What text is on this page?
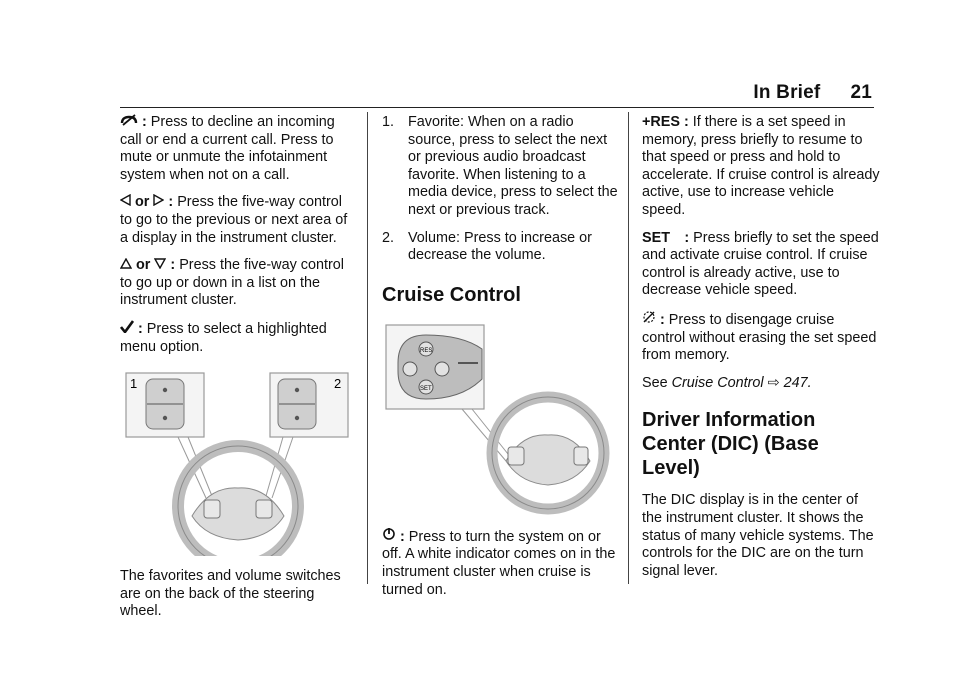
In Brief 21

: Press to decline an incoming call or end a current call. Press to mute or unmute the infotainment system when not on a call.

or : Press the five-way control to go to the previous or next area of a display in the instrument cluster.

or : Press the five-way control to go up or down in a list on the instrument cluster.

: Press to select a highlighted menu option.

1	2

The favorites and volume switches are on the back of the steering wheel.

1. Favorite: When on a radio source, press to select the next or previous audio broadcast favorite. When listening to a media device, press to select the next or previous track.
2. Volume: Press to increase or decrease the volume.
Cruise Control
RES
SET

: Press to turn the system on or off. A white indicator comes on in the instrument cluster when cruise is turned on.

+RES : If there is a set speed in memory, press briefly to resume to that speed or press and hold to accelerate. If cruise control is already active, use to increase vehicle speed.

SET : Press briefly to set the speed and activate cruise control. If cruise control is already active, use to decrease vehicle speed.

: Press to disengage cruise control without erasing the set speed from memory.

See Cruise Control ⇨ 247.

Driver Information Center (DIC) (Base Level)

The DIC display is in the center of the instrument cluster. It shows the status of many vehicle systems. The controls for the DIC are on the turn signal lever.
